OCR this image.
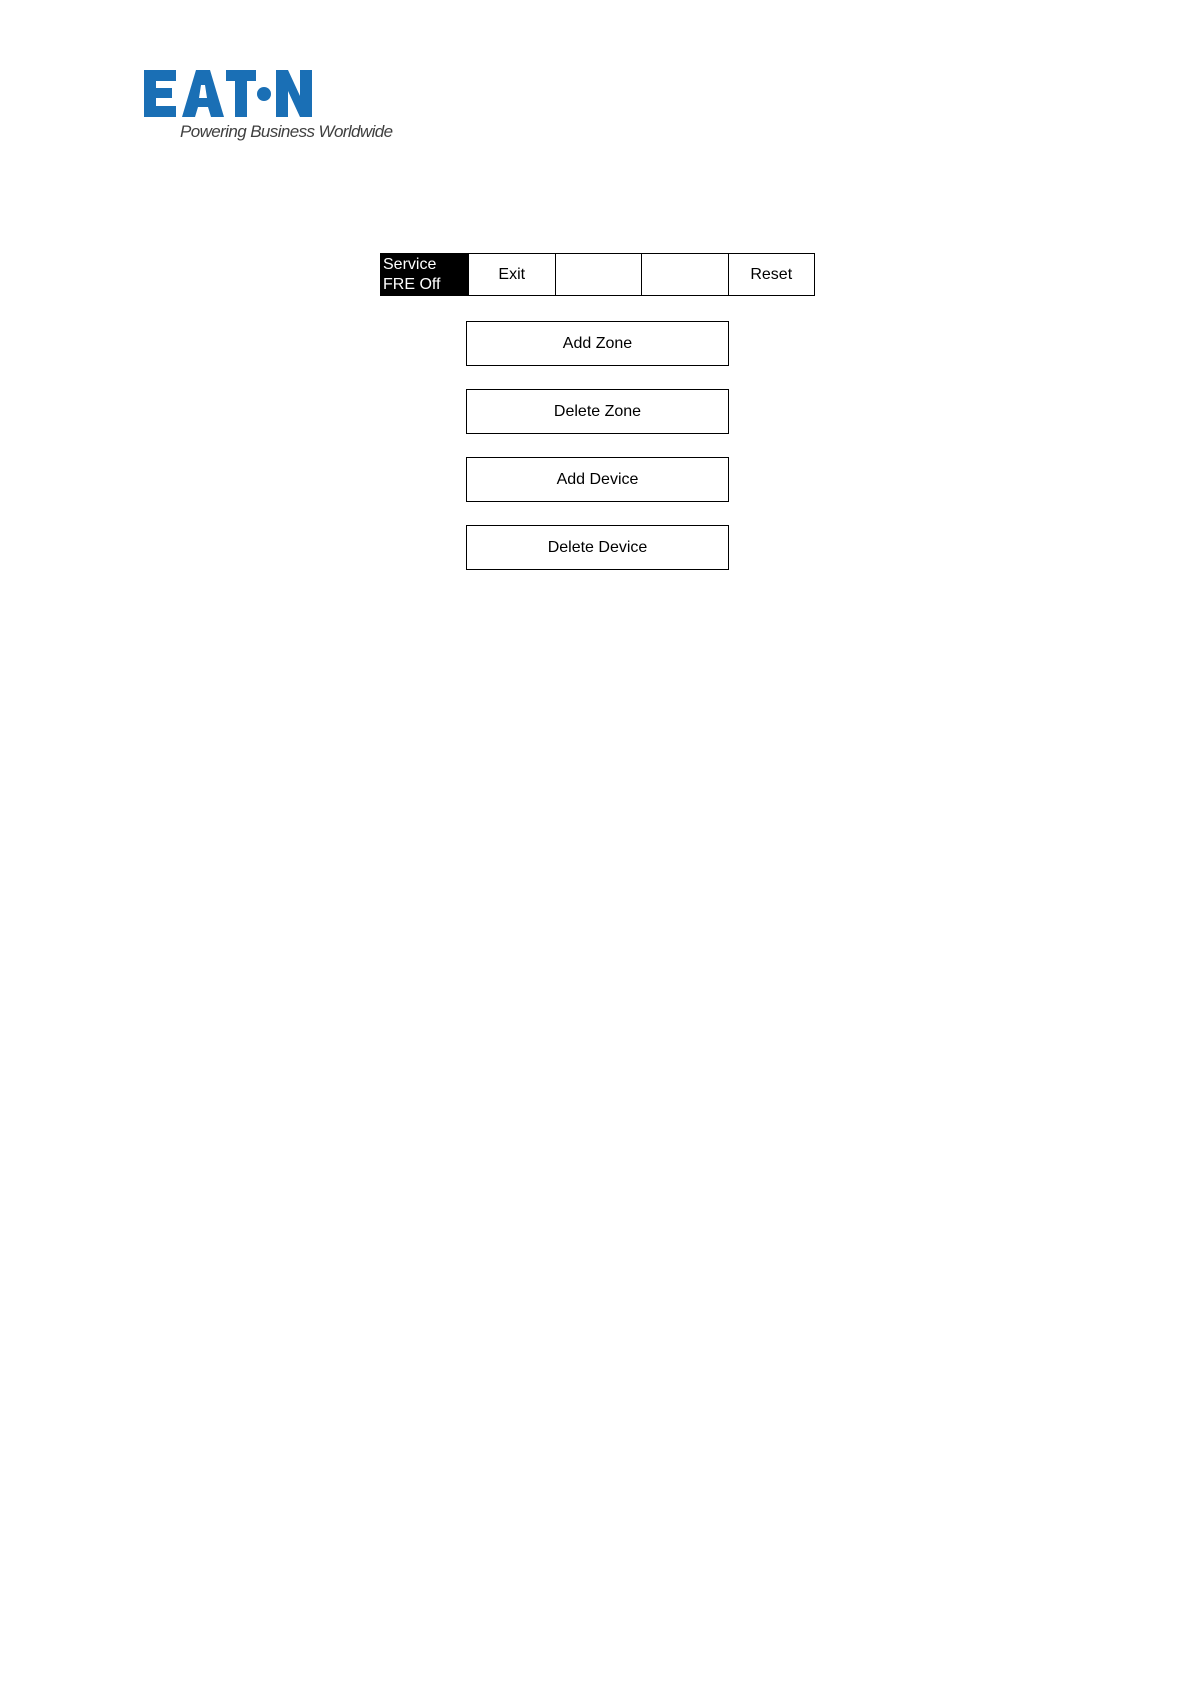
Powering Business Worldwide
Service
FRE Off
Exit	Reset
Add Zone
Delete Zone
Add Device
Delete Device
